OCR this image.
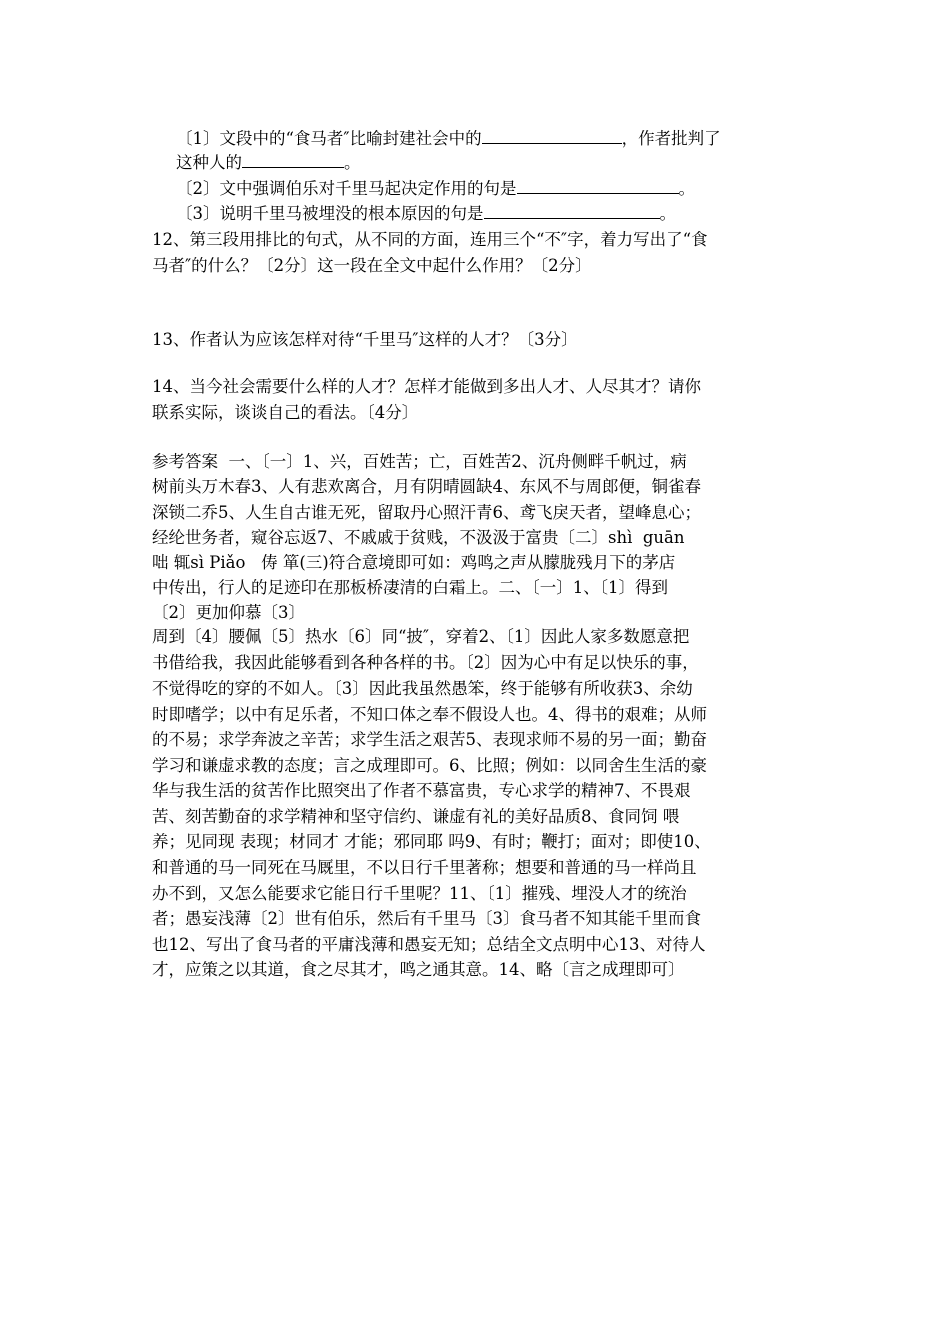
〔1〕文段中的“食马者″比喻封建社会中的	，作者批判了
这种人的	。
〔2〕文中强调伯乐对千里马起决定作用的句是	。
〔3〕说明千里马被埋没的根本原因的句是	。
12、第三段用排比的句式，从不同的方面，连用三个“不″字，着力写出了“食
马者″的什么？〔2分〕这一段在全文中起什么作用？〔2分〕
13、作者认为应该怎样对待“千里马″这样的人才？〔3分〕
14、当今社会需要什么样的人才？怎样才能做到多出人才、人尽其才？请你
联系实际，谈谈自己的看法。〔4分〕
参考答案  一、〔一〕1、兴，百姓苦；亡，百姓苦2、沉舟侧畔千帆过，病
树前头万木春3、人有悲欢离合，月有阴晴圆缺4、东风不与周郎便，铜雀春
深锁二乔5、人生自古谁无死，留取丹心照汗青6、鸢飞戾天者，望峰息心；
经纶世务者，窥谷忘返7、不戚戚于贫贱，不汲汲于富贵〔二〕shì  guān
咄 辄sì Piǎo   俦 箪(三)符合意境即可如：鸡鸣之声从朦胧残月下的茅店
中传出，行人的足迹印在那板桥凄清的白霜上。二、〔一〕1、〔1〕得到
〔2〕更加仰慕〔3〕
周到〔4〕腰佩〔5〕热水〔6〕同“披″，穿着2、〔1〕因此人家多数愿意把
书借给我，我因此能够看到各种各样的书。〔2〕因为心中有足以快乐的事，
不觉得吃的穿的不如人。〔3〕因此我虽然愚笨，终于能够有所收获3、余幼
时即嗜学；以中有足乐者，不知口体之奉不假设人也。4、得书的艰难；从师
的不易；求学奔波之辛苦；求学生活之艰苦5、表现求师不易的另一面；勤奋
学习和谦虚求教的态度；言之成理即可。6、比照；例如：以同舍生生活的豪
华与我生活的贫苦作比照突出了作者不慕富贵，专心求学的精神7、不畏艰
苦、刻苦勤奋的求学精神和坚守信约、谦虚有礼的美好品质8、食同饲 喂
养；见同现 表现；材同才 才能；邪同耶 吗9、有时；鞭打；面对；即使10、
和普通的马一同死在马厩里，不以日行千里著称；想要和普通的马一样尚且
办不到，又怎么能要求它能日行千里呢？11、〔1〕摧残、埋没人才的统治
者；愚妄浅薄〔2〕世有伯乐，然后有千里马〔3〕食马者不知其能千里而食
也12、写出了食马者的平庸浅薄和愚妄无知；总结全文点明中心13、对待人
才，应策之以其道，食之尽其才，鸣之通其意。14、略〔言之成理即可〕
